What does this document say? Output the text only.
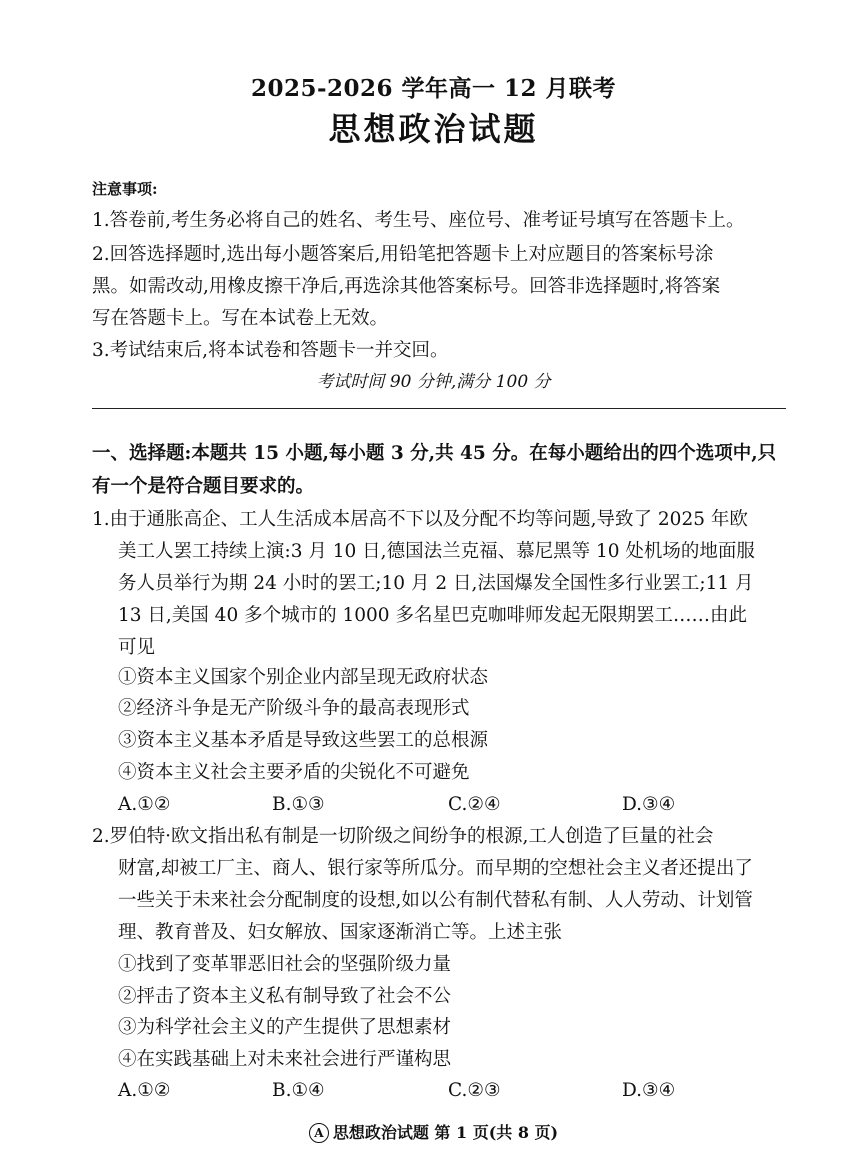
2025-2026 学年高一 12 月联考
思想政治试题
注意事项:
1.答卷前,考生务必将自己的姓名、考生号、座位号、准考证号填写在答题卡上。
2.回答选择题时,选出每小题答案后,用铅笔把答题卡上对应题目的答案标号涂
黑。如需改动,用橡皮擦干净后,再选涂其他答案标号。回答非选择题时,将答案
写在答题卡上。写在本试卷上无效。
3.考试结束后,将本试卷和答题卡一并交回。
考试时间 90 分钟,满分 100 分
一、选择题:本题共 15 小题,每小题 3 分,共 45 分。在每小题给出的四个选项中,只
有一个是符合题目要求的。
1.由于通胀高企、工人生活成本居高不下以及分配不均等问题,导致了 2025 年欧
美工人罢工持续上演:3 月 10 日,德国法兰克福、慕尼黑等 10 处机场的地面服
务人员举行为期 24 小时的罢工;10 月 2 日,法国爆发全国性多行业罢工;11 月
13 日,美国 40 多个城市的 1000 多名星巴克咖啡师发起无限期罢工……由此
可见
①资本主义国家个别企业内部呈现无政府状态
②经济斗争是无产阶级斗争的最高表现形式
③资本主义基本矛盾是导致这些罢工的总根源
④资本主义社会主要矛盾的尖锐化不可避免
A.①②	B.①③	C.②④	D.③④
2.罗伯特·欧文指出私有制是一切阶级之间纷争的根源,工人创造了巨量的社会
财富,却被工厂主、商人、银行家等所瓜分。而早期的空想社会主义者还提出了
一些关于未来社会分配制度的设想,如以公有制代替私有制、人人劳动、计划管
理、教育普及、妇女解放、国家逐渐消亡等。上述主张
①找到了变革罪恶旧社会的坚强阶级力量
②抨击了资本主义私有制导致了社会不公
③为科学社会主义的产生提供了思想素材
④在实践基础上对未来社会进行严谨构思
A.①②	B.①④	C.②③	D.③④
A 思想政治试题 第 1 页(共 8 页)
